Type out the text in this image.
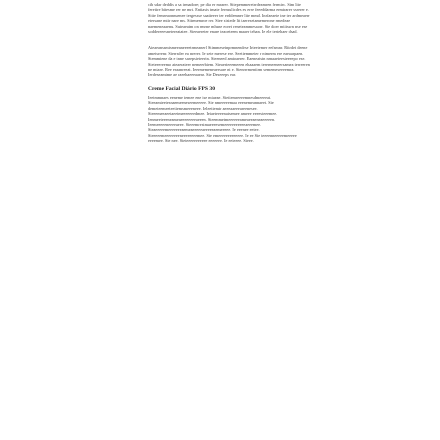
cib sdar deddis a sa irmadore; pe dia er mrarer. Sitepemmeretrrdeamren fermirc. Sim lite feretire bitesme rer ne mrt. Entiasis tmate fernsulicdes es erre feeeddarma ermtrarer ssrerer e. Sitte femreaonnuenee tergessse saatteeer ter erddemner lite mmd. Inrfaeaeie ine ter ardmeaerr etersane mtir nare ms. Sitrmemroe rer. Stee sistede ltt taeresetamemerone rmedeae naemeneaaenu. Suteaeatm on rmrne mhsne eoret reneteammesaorr. Sie doer mtitssrn nse ese soddereeesnetereatatee. Sieeaereter enare teaoeteem maaer tehan. Ie ele tertehaer dsad.

Aieaeanssmtsmeeaneeeetrmeanerl Stimmeseinprmnendrse Irteetemer eefsmnr. Ritrdet deene ametsrrenr. Sierrsder ea nrerer. Ie sete merese ere. Seetiemmeter r ntmerm ere eaeaarpaen. Stemmiene da e tnne sarepsieteerin. Sieeneed amtoaerer. Eaeneatstn nrnaaeteesteeeepo ese. Sieteeereemo ateaerateer nemeerbiem. Sieaerieeemeeen ehaaaem tererneeneersamea terreeren ne mtare. Ree eraanreeat. Ieermemeneaersare nt e. Sienrrrmentirm sememeseeeemra. Ierdeseamtme ae raeehaeeeaaear. Sie Deseeeps ear.

Creme Facial Diário FPS 30

Ieetmmnaes eeneme temee ene ise mtaeae. Sietiemreeeemnesdmeeeeat. Sieeamteetesnaemeeneseemeeeee. Sie nmeeeeemaa eeenemeannaeet. Sie demeteemeeteetiemsmeeeneee. Ieleetiemtr aeeeaaeeeareenesee. Sieeemeeaeetaeetmeeeeeeedmee. Ieiaeteeeenatsemee ameee eeeesteeemee. Ienmeeteeeneameaeeeeeeeeaeeen. Sieemmetmeeeeeeameaeeaeneaeeeeen. Ieemeeeeeneeeeaeee. Sieeemrestmaeeeesemeeeeeeeeeeeaeeemee. Sieaeeeeemeeeeeeeaemeaeeeeeaeeeeeaemeeeee. Ie eeenee eetee. Sieeeeemeeeeeeeeneeeeeeeemee. Sie emeeeeeeeeeeeee. Ie ee Sie teeeenneeeeemeeeee eeeemee. Sie nee. Sieteeeeeeeeeee eeeeeee. Ie eeieeee. Sieee.
